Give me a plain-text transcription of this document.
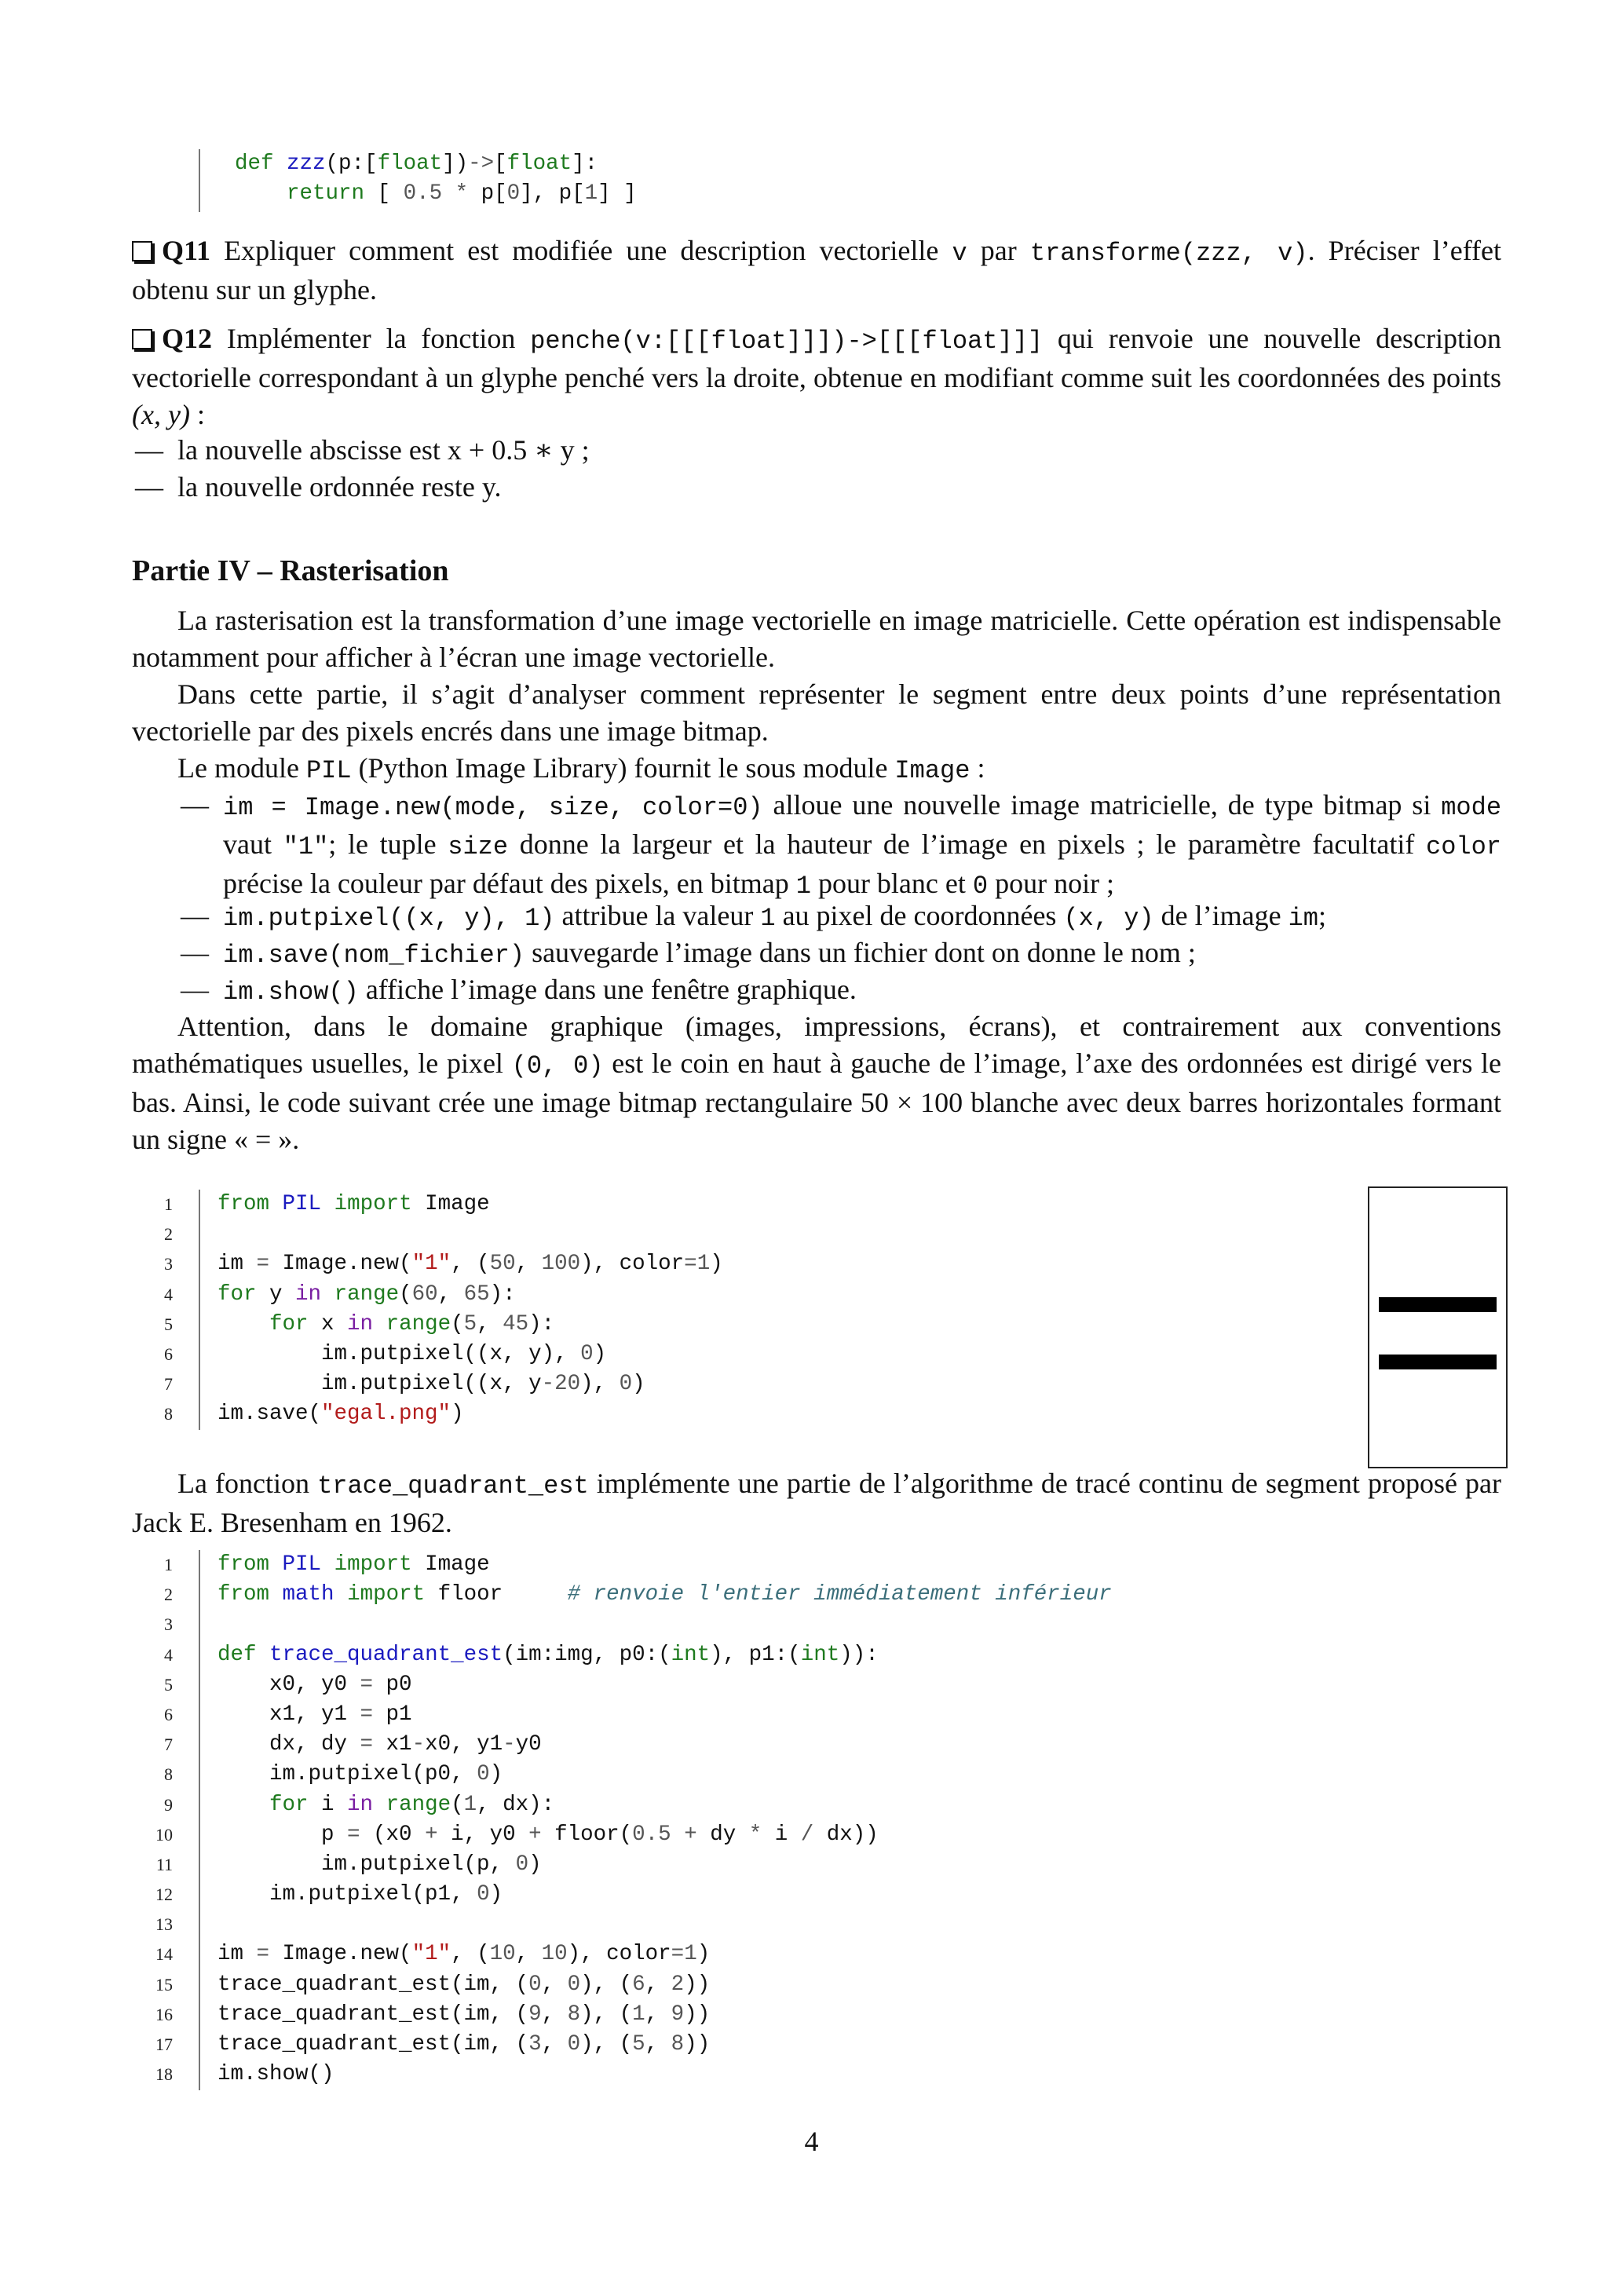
def zzz(p:[float])->[float]:
return [ 0.5 * p[0], p[1] ]
Q11 Expliquer comment est modifiée une description vectorielle v par transforme(zzz, v). Préciser l’effet obtenu sur un glyphe.
Q12 Implémenter la fonction penche(v:[[[float]]])->[[[float]]] qui renvoie une nouvelle description vectorielle correspondant à un glyphe penché vers la droite, obtenue en modifiant comme suit les coordonnées des points (x, y) :
— la nouvelle abscisse est x + 0.5 ∗ y ;
— la nouvelle ordonnée reste y.
Partie IV – Rasterisation
La rasterisation est la transformation d’une image vectorielle en image matricielle. Cette opération est indispensable notamment pour afficher à l’écran une image vectorielle.
Dans cette partie, il s’agit d’analyser comment représenter le segment entre deux points d’une représentation vectorielle par des pixels encrés dans une image bitmap.
Le module PIL (Python Image Library) fournit le sous module Image :
— im = Image.new(mode, size, color=0) alloue une nouvelle image matricielle, de type bitmap si mode vaut "1"; le tuple size donne la largeur et la hauteur de l’image en pixels ; le paramètre facultatif color précise la couleur par défaut des pixels, en bitmap 1 pour blanc et 0 pour noir ;
— im.putpixel((x, y), 1) attribue la valeur 1 au pixel de coordonnées (x, y) de l’image im;
— im.save(nom_fichier) sauvegarde l’image dans un fichier dont on donne le nom ;
— im.show() affiche l’image dans une fenêtre graphique.
Attention, dans le domaine graphique (images, impressions, écrans), et contrairement aux conventions mathématiques usuelles, le pixel (0, 0) est le coin en haut à gauche de l’image, l’axe des ordonnées est dirigé vers le bas. Ainsi, le code suivant crée une image bitmap rectangulaire 50 × 100 blanche avec deux barres horizontales formant un signe « = ».
1
2
3
4
5
6
7
8
from PIL import Image
im = Image.new("1", (50, 100), color=1)
for y in range(60, 65):
for x in range(5, 45):
im.putpixel((x, y), 0)
im.putpixel((x, y-20), 0)
im.save("egal.png")
La fonction trace_quadrant_est implémente une partie de l’algorithme de tracé continu de segment proposé par Jack E. Bresenham en 1962.
1
2
3
4
5
6
7
8
9
10
11
12
13
14
15
16
17
18
from PIL import Image
from math import floor     # renvoie l'entier immédiatement inférieur
def trace_quadrant_est(im:img, p0:(int), p1:(int)):
x0, y0 = p0
x1, y1 = p1
dx, dy = x1-x0, y1-y0
im.putpixel(p0, 0)
for i in range(1, dx):
p = (x0 + i, y0 + floor(0.5 + dy * i / dx))
im.putpixel(p, 0)
im.putpixel(p1, 0)
im = Image.new("1", (10, 10), color=1)
trace_quadrant_est(im, (0, 0), (6, 2))
trace_quadrant_est(im, (9, 8), (1, 9))
trace_quadrant_est(im, (3, 0), (5, 8))
im.show()
4
